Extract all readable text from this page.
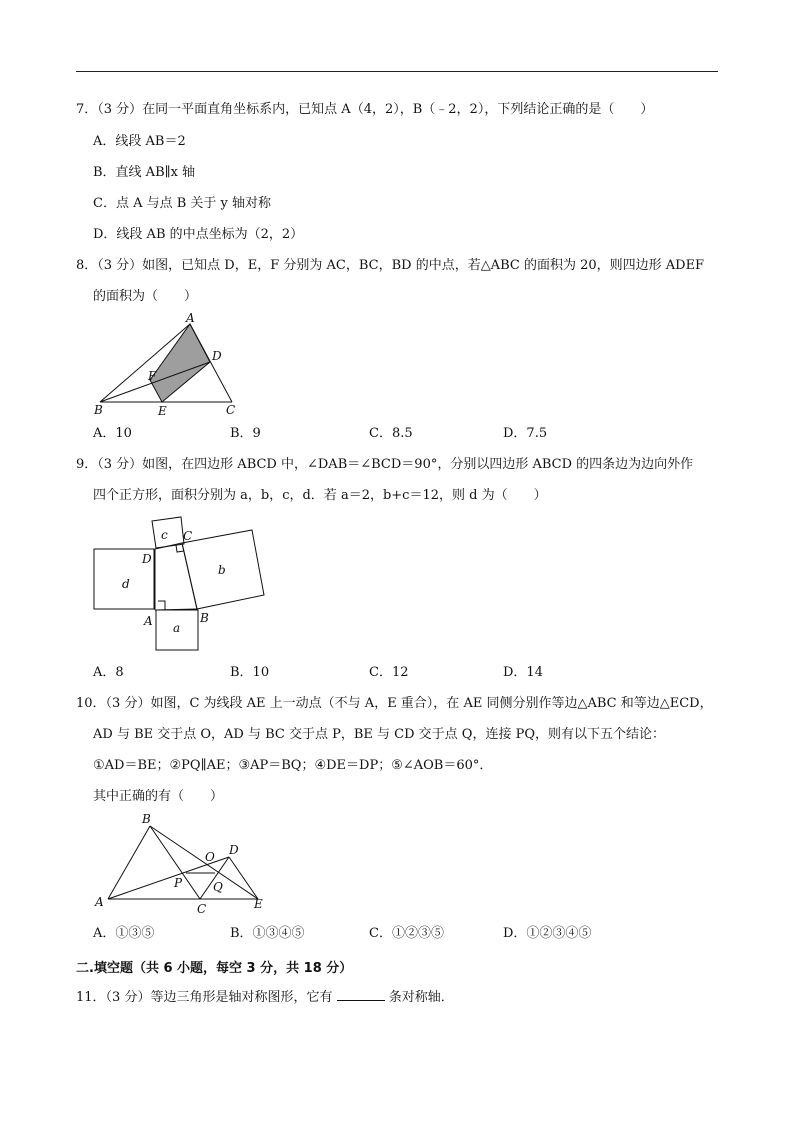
7．（3 分）在同一平面直角坐标系内，已知点 A（4，2），B（﹣2，2），下列结论正确的是（　　）
A．线段 AB＝2
B．直线 AB∥x 轴
C．点 A 与点 B 关于 y 轴对称
D．线段 AB 的中点坐标为（2，2）
8．（3 分）如图，已知点 D，E，F 分别为 AC，BC，BD 的中点，若△ABC 的面积为 20，则四边形 ADEF
的面积为（　　）
A
D
F
B	E	C
A．10	B．9	C．8.5	D．7.5
9．（3 分）如图，在四边形 ABCD 中，∠DAB＝∠BCD＝90°，分别以四边形 ABCD 的四条边为边向外作
四个正方形，面积分别为 a，b，c，d．若 a＝2，b+c＝12，则 d 为（　　）
c
b
d
a
C
D
A	B
A．8	B．10	C．12	D．14
10．（3 分）如图，C 为线段 AE 上一动点（不与 A，E 重合），在 AE 同侧分别作等边△ABC 和等边△ECD，
AD 与 BE 交于点 O，AD 与 BC 交于点 P，BE 与 CD 交于点 Q，连接 PQ，则有以下五个结论：
①AD＝BE；②PQ∥AE；③AP＝BQ；④DE＝DP；⑤∠AOB＝60°．
其中正确的有（　　）
B
O D
P	Q
A	C	E
A．①③⑤	B．①③④⑤	C．①②③⑤	D．①②③④⑤
二.填空题（共 6 小题，每空 3 分，共 18 分）
11．（3 分）等边三角形是轴对称图形，它有	条对称轴．
